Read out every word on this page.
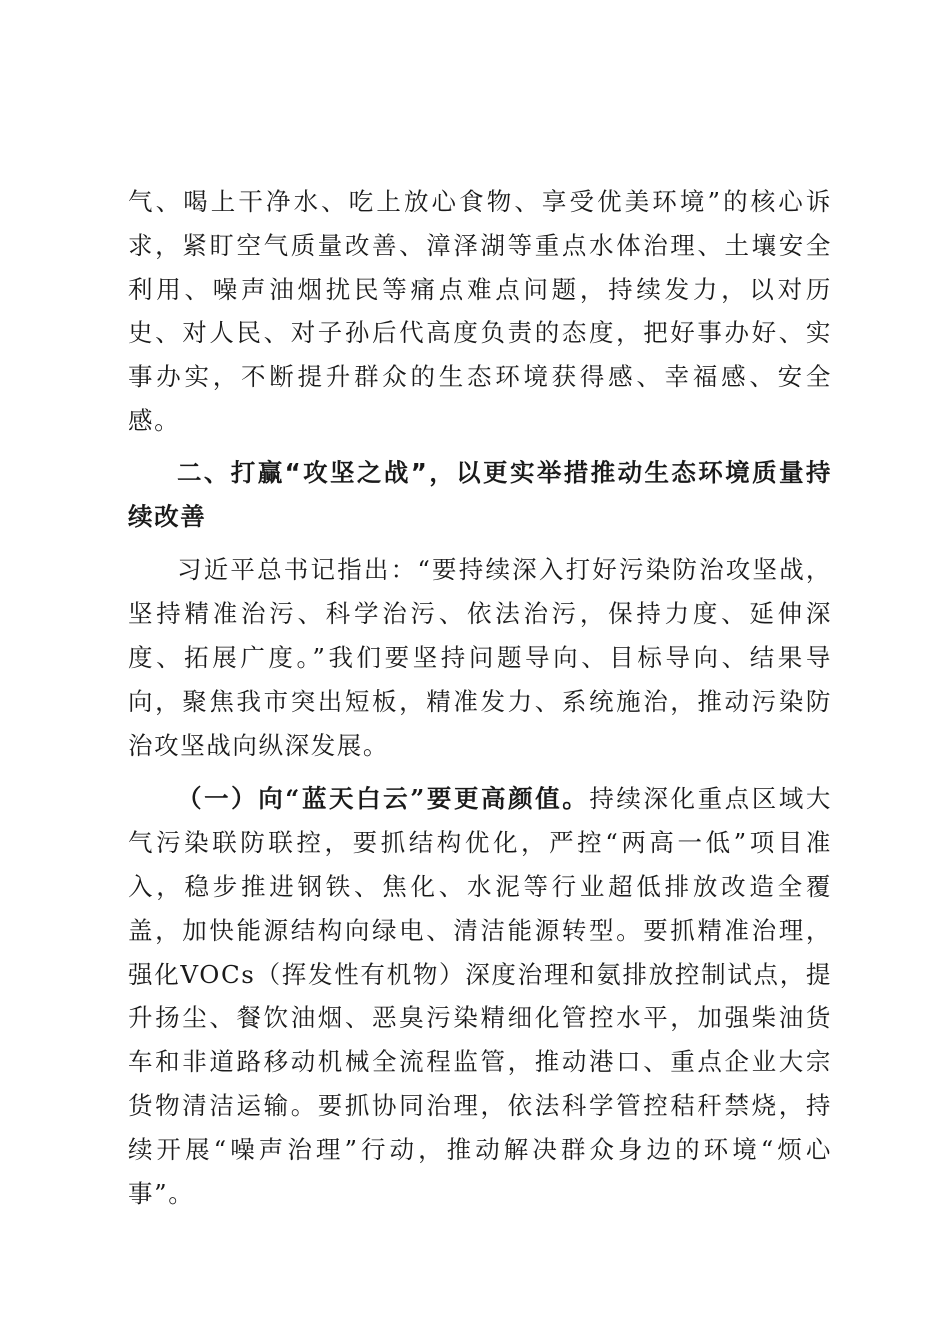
气、喝上干净水、吃上放心食物、享受优美环境”的核心诉求，紧盯空气质量改善、漳泽湖等重点水体治理、土壤安全利用、噪声油烟扰民等痛点难点问题，持续发力，以对历史、对人民、对子孙后代高度负责的态度，把好事办好、实事办实，不断提升群众的生态环境获得感、幸福感、安全感。

二、打赢“攻坚之战”，以更实举措推动生态环境质量持续改善

习近平总书记指出：“要持续深入打好污染防治攻坚战，坚持精准治污、科学治污、依法治污，保持力度、延伸深度、拓展广度。”我们要坚持问题导向、目标导向、结果导向，聚焦我市突出短板，精准发力、系统施治，推动污染防治攻坚战向纵深发展。

（一）向“蓝天白云”要更高颜值。持续深化重点区域大气污染联防联控，要抓结构优化，严控“两高一低”项目准入，稳步推进钢铁、焦化、水泥等行业超低排放改造全覆盖，加快能源结构向绿电、清洁能源转型。要抓精准治理，强化VOCs（挥发性有机物）深度治理和氨排放控制试点，提升扬尘、餐饮油烟、恶臭污染精细化管控水平，加强柴油货车和非道路移动机械全流程监管，推动港口、重点企业大宗货物清洁运输。要抓协同治理，依法科学管控秸秆禁烧，持续开展“噪声治理”行动，推动解决群众身边的环境“烦心事”。
